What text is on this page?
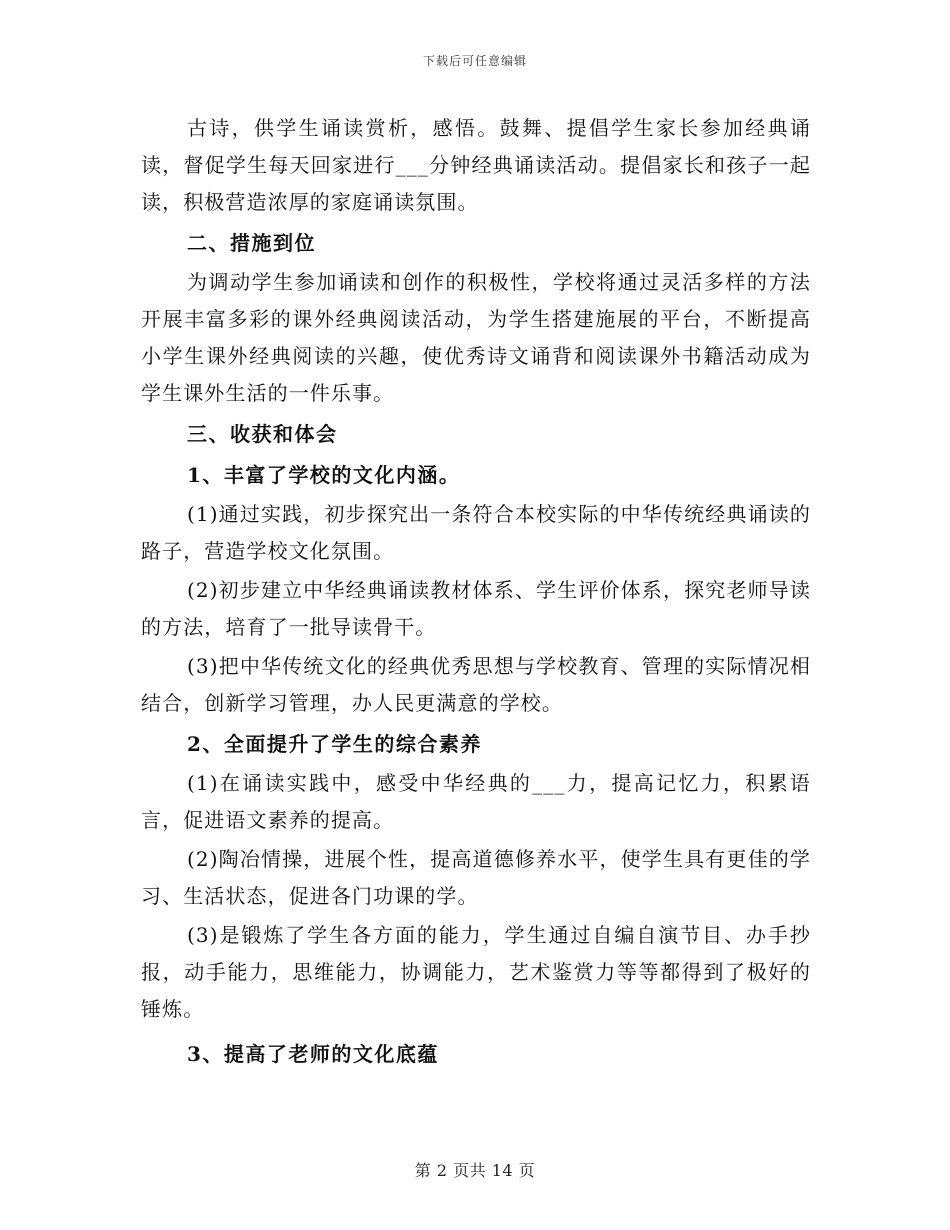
下载后可任意编辑

古诗，供学生诵读赏析，感悟。鼓舞、提倡学生家长参加经典诵读，督促学生每天回家进行___分钟经典诵读活动。提倡家长和孩子一起读，积极营造浓厚的家庭诵读氛围。

二、措施到位

为调动学生参加诵读和创作的积极性，学校将通过灵活多样的方法开展丰富多彩的课外经典阅读活动，为学生搭建施展的平台，不断提高小学生课外经典阅读的兴趣，使优秀诗文诵背和阅读课外书籍活动成为学生课外生活的一件乐事。

三、收获和体会

1、丰富了学校的文化内涵。

(1)通过实践，初步探究出一条符合本校实际的中华传统经典诵读的路子，营造学校文化氛围。

(2)初步建立中华经典诵读教材体系、学生评价体系，探究老师导读的方法，培育了一批导读骨干。

(3)把中华传统文化的经典优秀思想与学校教育、管理的实际情况相结合，创新学习管理，办人民更满意的学校。

2、全面提升了学生的综合素养

(1)在诵读实践中，感受中华经典的___力，提高记忆力，积累语言，促进语文素养的提高。

(2)陶冶情操，进展个性，提高道德修养水平，使学生具有更佳的学习、生活状态，促进各门功课的学。

(3)是锻炼了学生各方面的能力，学生通过自编自演节目、办手抄报，动手能力，思维能力，协调能力，艺术鉴赏力等等都得到了极好的锤炼。

3、提高了老师的文化底蕴

第 2 页共 14 页
